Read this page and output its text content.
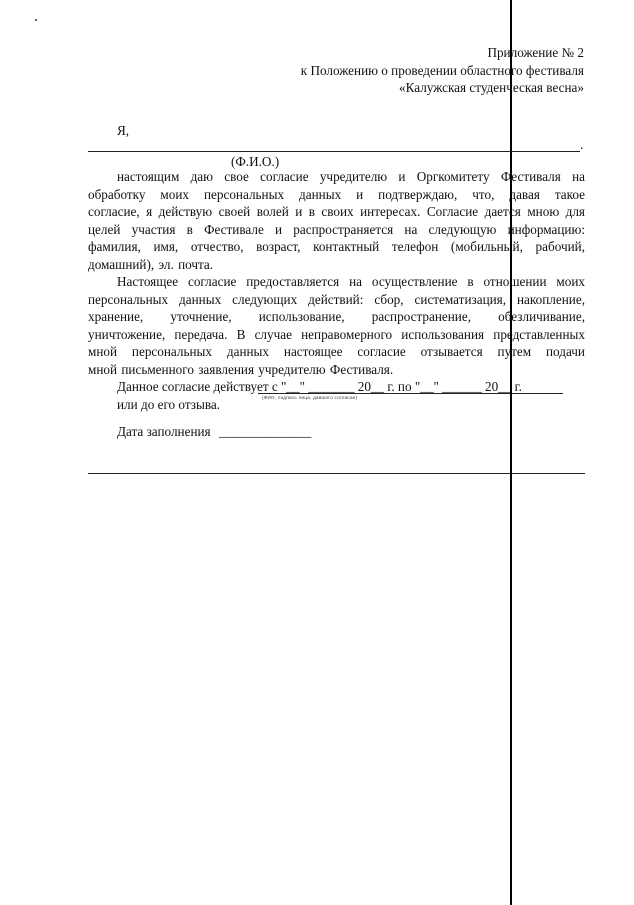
Приложение № 2
к Положению о проведении областного фестиваля
«Калужская студенческая весна»
Я,
.
(Ф.И.О.)
настоящим даю свое согласие учредителю и Оргкомитету Фестиваля на
обработку моих персональных данных и подтверждаю, что, давая такое
согласие, я действую своей волей и в своих интересах. Согласие дается мною для
целей участия в Фестивале и распространяется на следующую информацию:
фамилия, имя, отчество, возраст, контактный телефон (мобильный, рабочий,
домашний), эл. почта.
Настоящее согласие предоставляется на осуществление в отношении моих
персональных данных следующих действий: сбор, систематизация, накопление,
хранение, уточнение, использование, распространение, обезличивание,
уничтожение, передача. В случае неправомерного использования представленных
мной персональных данных настоящее согласие отзывается путем подачи
мной письменного заявления учредителю Фестиваля.
Данное согласие действует с "__" _______ 20__ г. по "__" ______ 20__ г.
или до его отзыва.	(ФИО, подпись лица, давшего согласие)
Дата заполнения ______________
